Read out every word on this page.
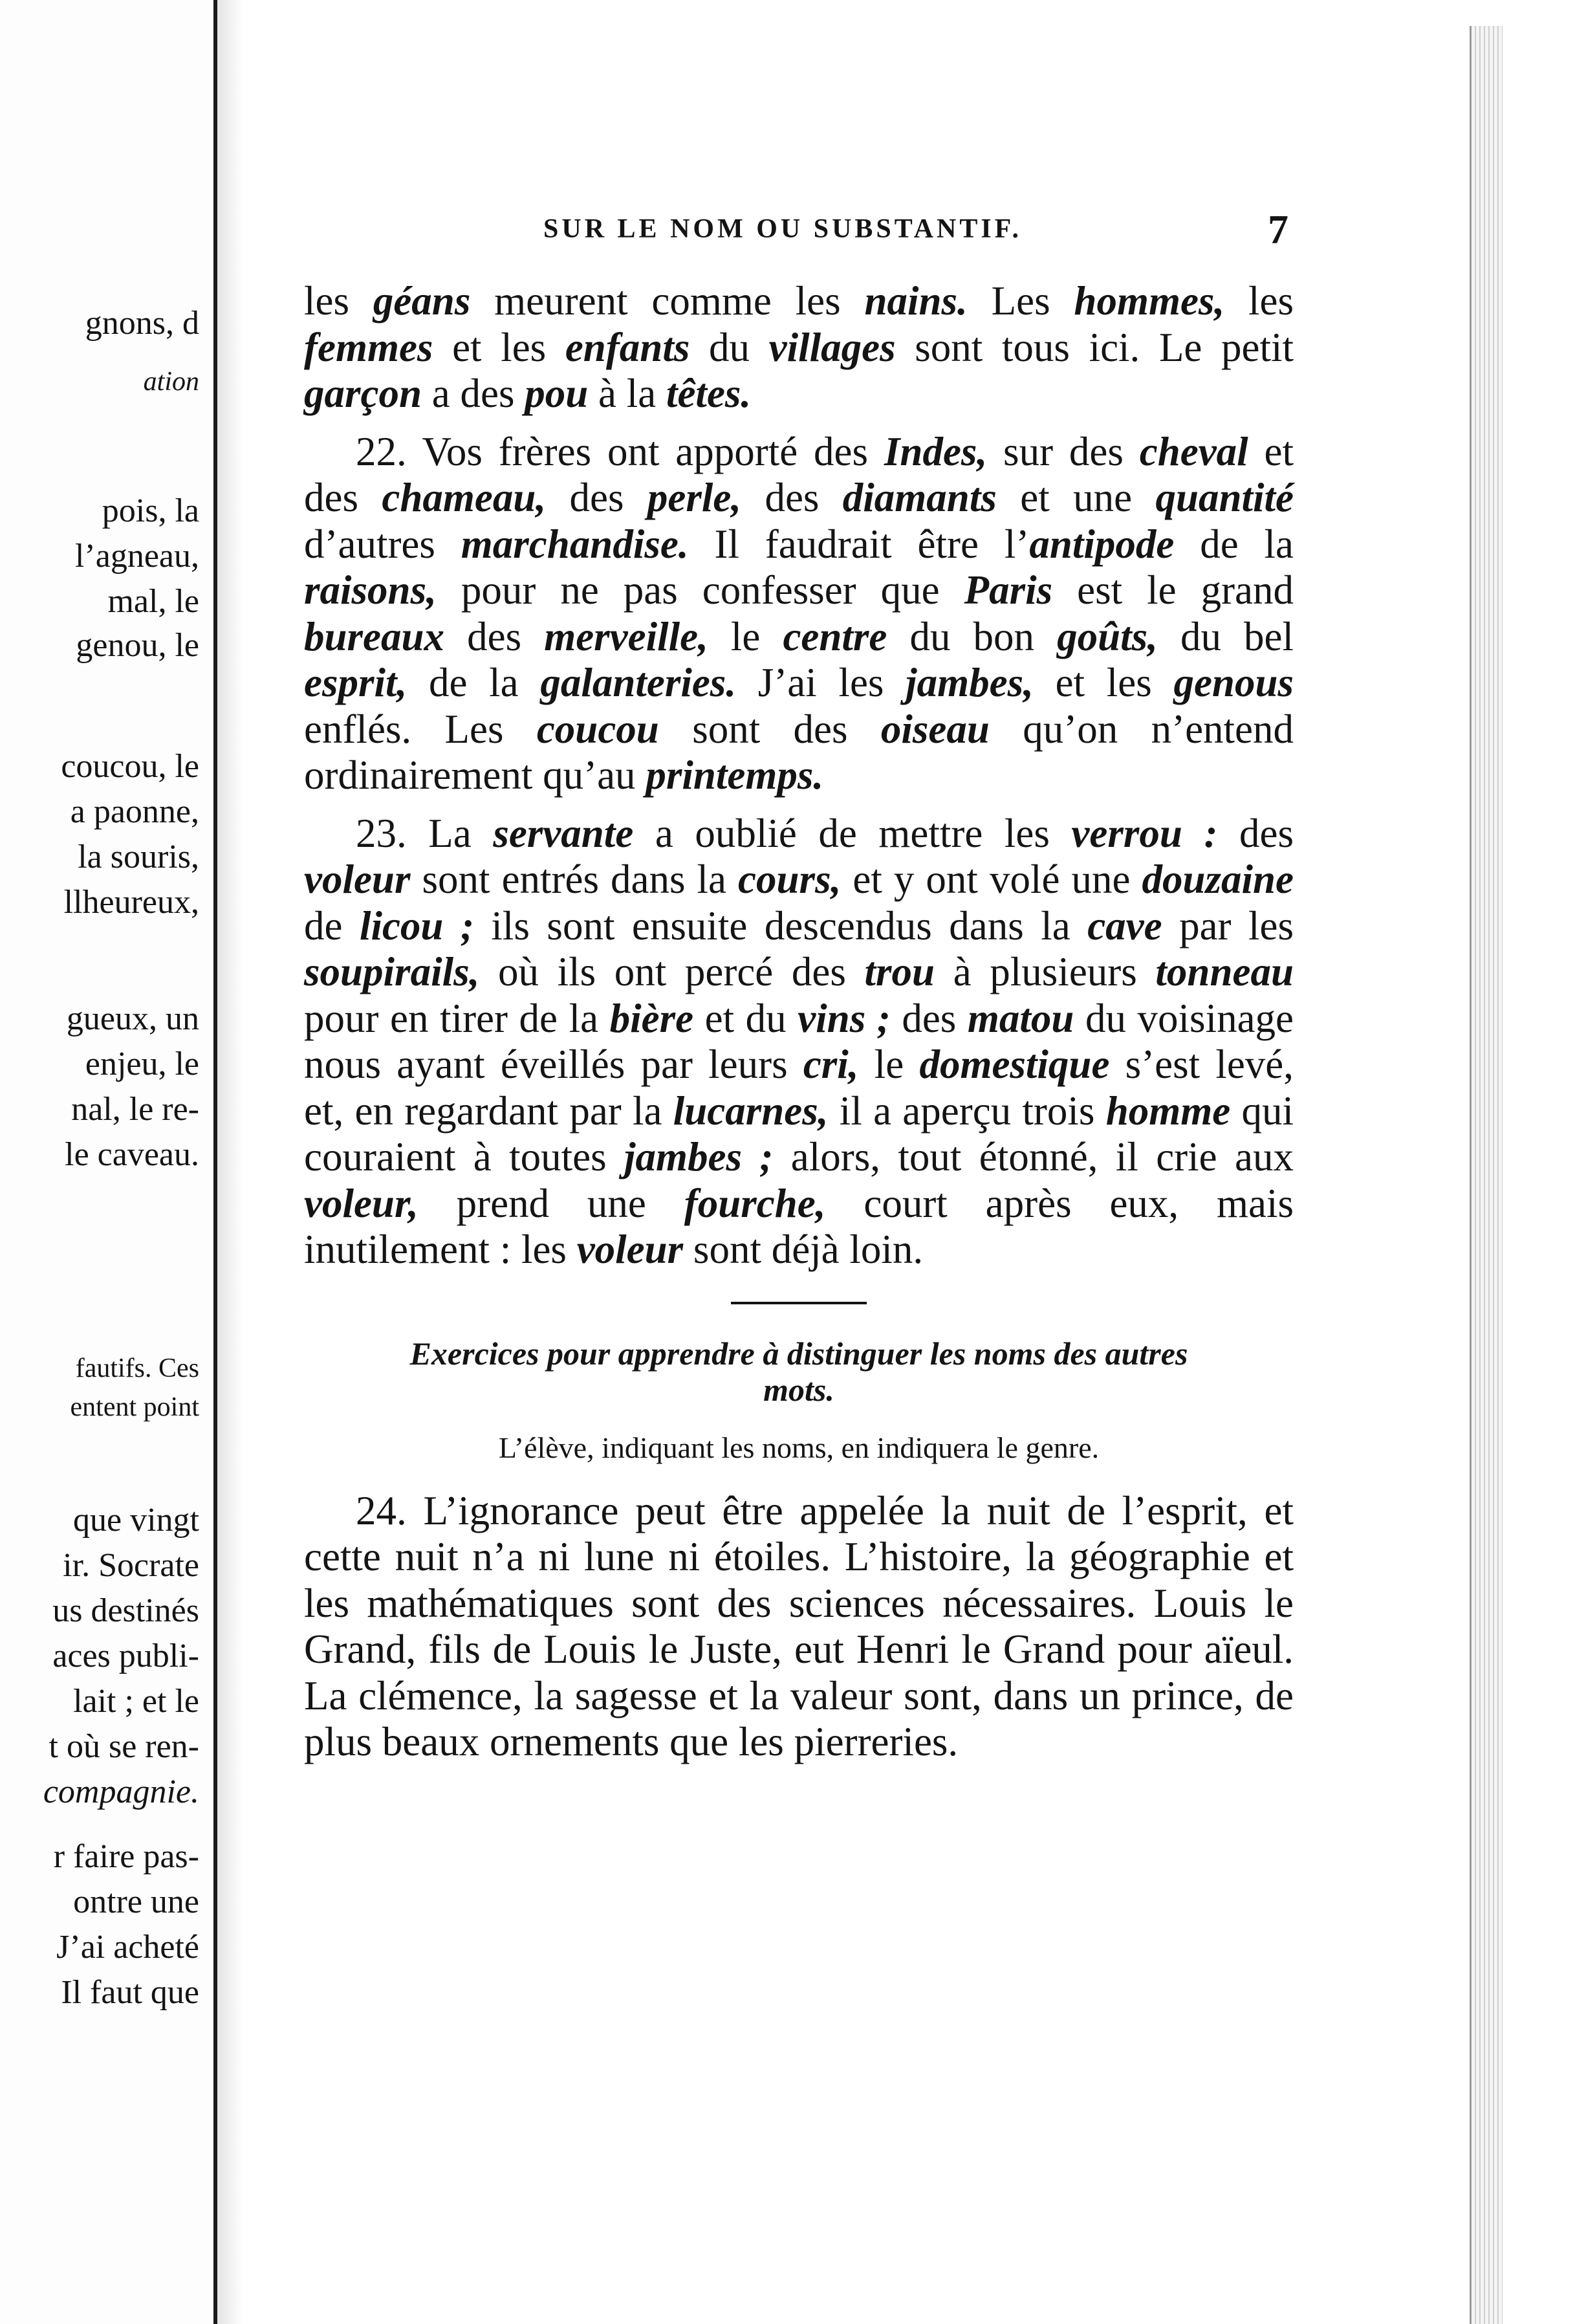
gnons, d
ation
pois, la
l’agneau,
mal, le
genou, le
coucou, le
a paonne,
la souris,
llheureux,
gueux, un
enjeu, le
nal, le re-
le caveau.
fautifs. Ces
entent point
que vingt
ir. Socrate
us destinés
aces publi-
lait ; et le
t où se ren-
compagnie.
r faire pas-
ontre une
J’ai acheté
Il faut que
SUR LE NOM OU SUBSTANTIF.	7

les géans meurent comme les nains. Les hommes, les femmes et les enfants du villages sont tous ici. Le petit garçon a des pou à la têtes.

22. Vos frères ont apporté des Indes, sur des cheval et des chameau, des perle, des diamants et une quantité d’autres marchandise. Il faudrait être l’antipode de la raisons, pour ne pas confesser que Paris est le grand bureaux des merveille, le centre du bon goûts, du bel esprit, de la galanteries. J’ai les jambes, et les genous enflés. Les coucou sont des oiseau qu’on n’entend ordinairement qu’au printemps.

23. La servante a oublié de mettre les verrou : des voleur sont entrés dans la cours, et y ont volé une douzaine de licou ; ils sont ensuite descendus dans la cave par les soupirails, où ils ont percé des trou à plusieurs tonneau pour en tirer de la bière et du vins ; des matou du voisinage nous ayant éveillés par leurs cri, le domestique s’est levé, et, en regardant par la lucarnes, il a aperçu trois homme qui couraient à toutes jambes ; alors, tout étonné, il crie aux voleur, prend une fourche, court après eux, mais inutilement : les voleur sont déjà loin.

Exercices pour apprendre à distinguer les noms des autres mots.

L’élève, indiquant les noms, en indiquera le genre.

24. L’ignorance peut être appelée la nuit de l’esprit, et cette nuit n’a ni lune ni étoiles. L’histoire, la géographie et les mathématiques sont des sciences nécessaires. Louis le Grand, fils de Louis le Juste, eut Henri le Grand pour aïeul. La clémence, la sagesse et la valeur sont, dans un prince, de plus beaux ornements que les pierreries.
